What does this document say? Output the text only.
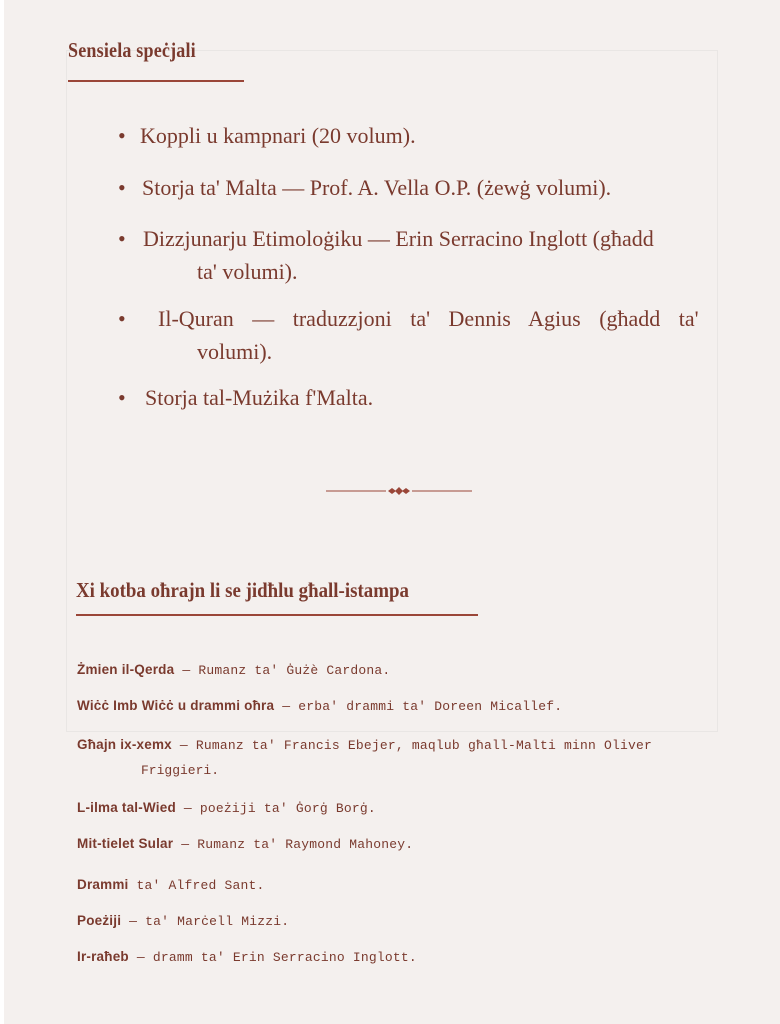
Sensiela speċjali
• Koppli u kampnari (20 volum).
• Storja ta' Malta — Prof. A. Vella O.P. (żewġ volumi).
• Dizzjunarju Etimoloġiku — Erin Serracino Inglott (għadd
ta' volumi).
• Il-Quran — traduzzjoni ta' Dennis Agius (għadd ta'
volumi).
• Storja tal-Mużika f'Malta.
Xi kotba oħrajn li se jidħlu għall-istampa
Żmien il-Qerda — Rumanz ta' Ġużè Cardona.
Wiċċ Imb Wiċċ u drammi oħra — erba' drammi ta' Doreen Micallef.
Għajn ix-xemx — Rumanz ta' Francis Ebejer, maqlub għall-Malti minn Oliver
Friggieri.
L-ilma tal-Wied — poeżiji ta' Ġorġ Borġ.
Mit-tielet Sular — Rumanz ta' Raymond Mahoney.
Drammi ta' Alfred Sant.
Poeżiji — ta' Marċell Mizzi.
Ir-raħeb — dramm ta' Erin Serracino Inglott.
